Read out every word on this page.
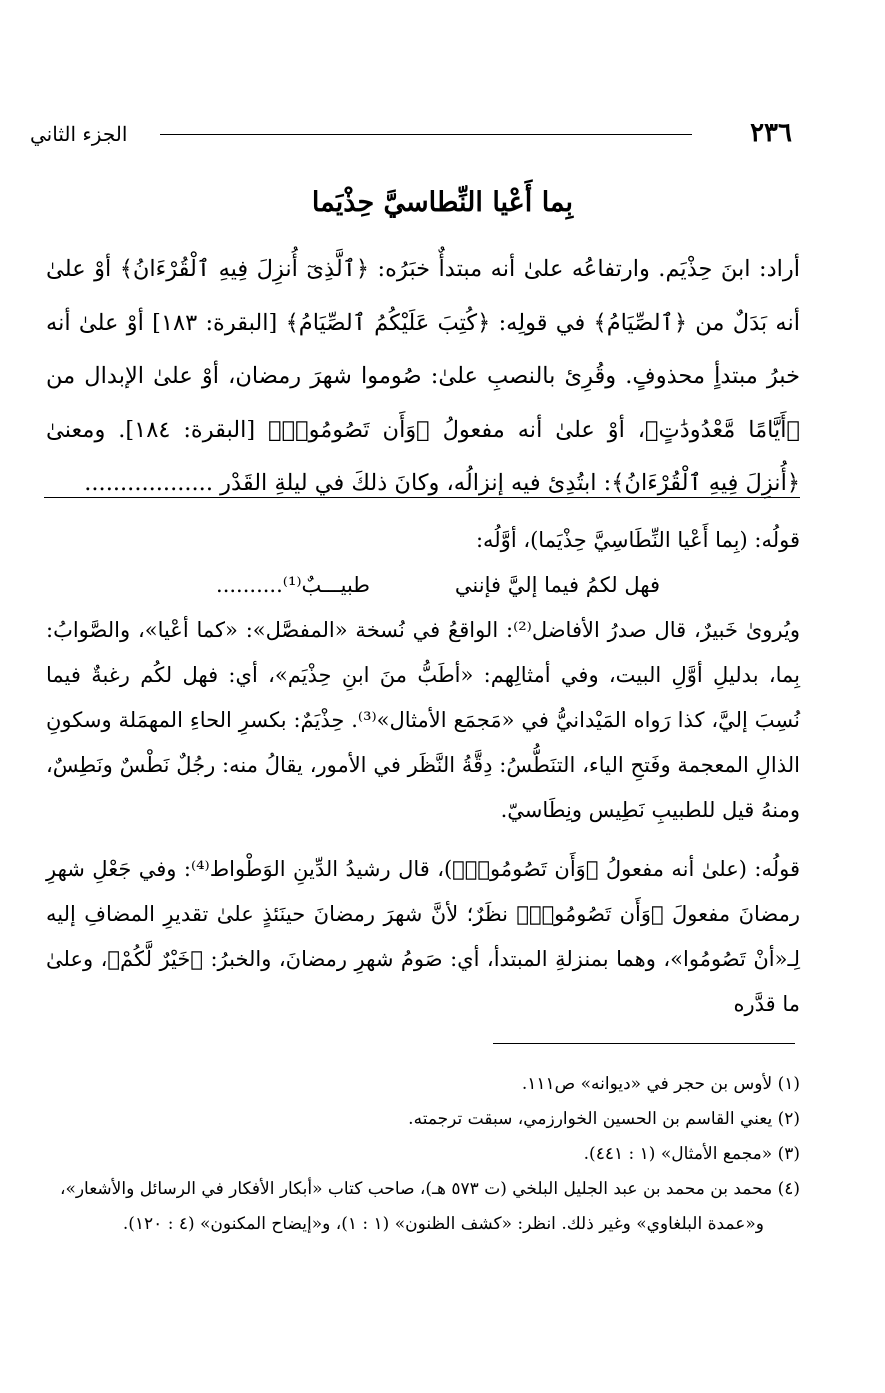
٢٣٦
الجزء الثاني
بِما أَعْيا النِّطاسيَّ حِذْيَما
أراد: ابنَ حِذْيَم. وارتفاعُه علىٰ أنه مبتدأٌ خبَرُه: ﴿ٱلَّذِىٓ أُنزِلَ فِيهِ ٱلْقُرْءَانُ﴾ أوْ علىٰ أنه بَدَلٌ من ﴿ٱلصِّيَامُ﴾ في قولِه: ﴿كُتِبَ عَلَيْكُمُ ٱلصِّيَامُ﴾ [البقرة: ١٨٣] أوْ علىٰ أنه خبرُ مبتدأٍ محذوفٍ. وقُرِئ بالنصبِ علىٰ: صُوموا شهرَ رمضان، أوْ علىٰ الإبدال من ﴿أَيَّامًا مَّعْدُودَٰتٍ﴾، أوْ علىٰ أنه مفعولُ ﴿وَأَن تَصُومُوا۟﴾ [البقرة: ١٨٤]. ومعنىٰ ﴿أُنزِلَ فِيهِ ٱلْقُرْءَانُ﴾: ابتُدِئ فيه إنزالُه، وكانَ ذلكَ في ليلةِ القَدْر ..................

قولُه: (بِما أَعْيا النِّطَاسِيَّ حِذْيَما)، أوَّلُه:

فهل لكمُ فيما إليَّ فإنني
طبيـــبٌ⁽¹⁾..........

ويُروىٰ خَبيرٌ، قال صدرُ الأفاضل⁽²⁾: الواقعُ في نُسخة «المفصَّل»: «كما أعْيا»، والصَّوابُ: بِما، بدليلِ أوَّلِ البيت، وفي أمثالِهم: «أطَبُّ منَ ابنِ حِذْيَم»، أي: فهل لكُم رغبةٌ فيما نُسِبَ إليَّ، كذا رَواه المَيْدانيُّ في «مَجمَع الأمثال»⁽³⁾. حِذْيَمٌ: بكسرِ الحاءِ المهمَلة وسكونِ الذالِ المعجمة وفَتحِ الياء، التنَطُّسُ: دِقَّةُ النَّظَر في الأمور، يقالُ منه: رجُلٌ نَطْسٌ ونَطِسٌ، ومنهُ قيل للطبيبِ نَطِيس ونِطَاسيّ.

قولُه: (علىٰ أنه مفعولُ ﴿وَأَن تَصُومُوا۟﴾)، قال رشيدُ الدِّينِ الوَطْواط⁽⁴⁾: وفي جَعْلِ شهرِ رمضانَ مفعولَ ﴿وَأَن تَصُومُوا۟﴾ نظَرٌ؛ لأنَّ شهرَ رمضانَ حينَئذٍ علىٰ تقديرِ المضافِ إليه لِـ«أنْ تَصُومُوا»، وهما بمنزلةِ المبتدأ، أي: صَومُ شهرِ رمضانَ، والخبرُ: ﴿خَيْرٌ لَّكُمْ﴾، وعلىٰ ما قدَّره

(١) لأوس بن حجر في «ديوانه» ص١١١.

(٢) يعني القاسم بن الحسين الخوارزمي، سبقت ترجمته.

(٣) «مجمع الأمثال» (١ : ٤٤١).

(٤) محمد بن محمد بن عبد الجليل البلخي (ت ٥٧٣ هـ)، صاحب كتاب «أبكار الأفكار في الرسائل والأشعار»،

و«عمدة البلغاوي» وغير ذلك. انظر: «كشف الظنون» (١ : ١)، و«إيضاح المكنون» (٤ : ١٢٠).
